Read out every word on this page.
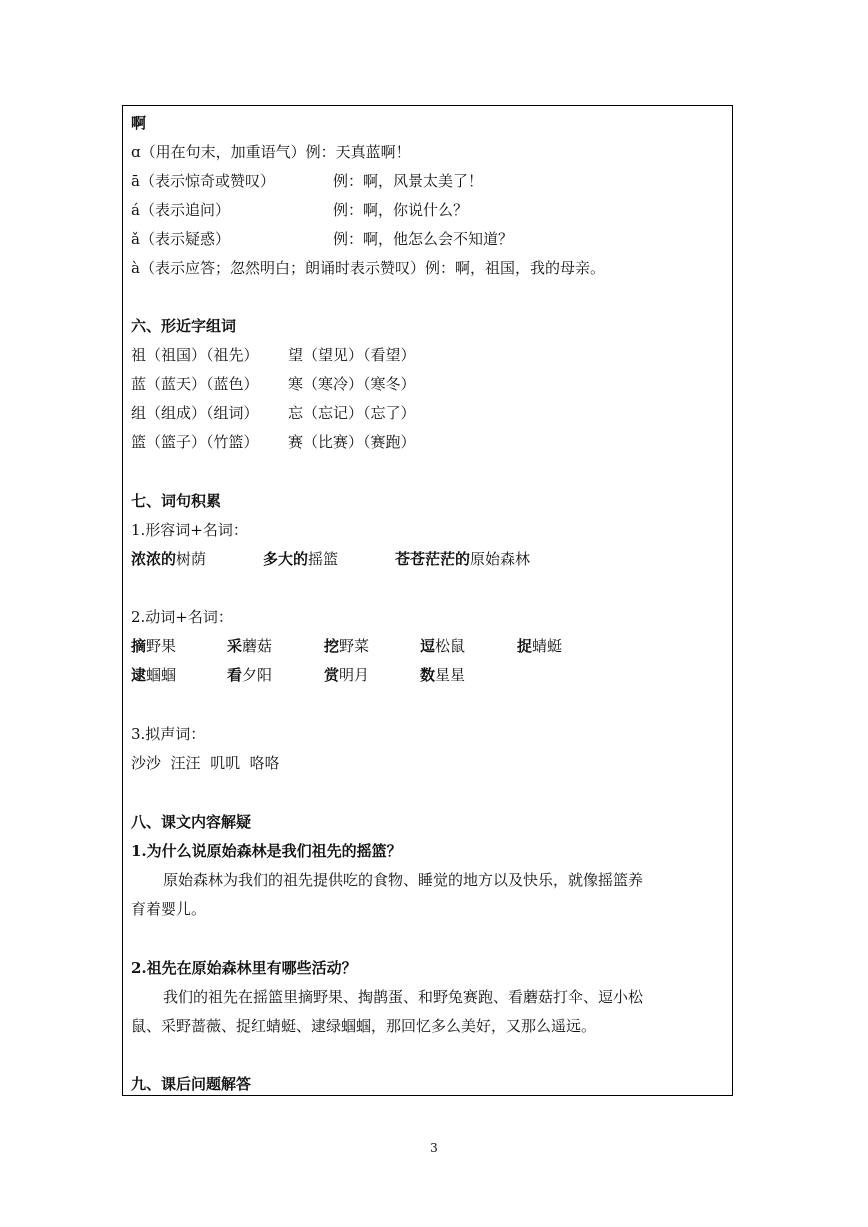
啊
ɑ（用在句末，加重语气）例：天真蓝啊！
ā（表示惊奇或赞叹）	例：啊，风景太美了！
á（表示追问）	例：啊，你说什么？
ǎ（表示疑惑）	例：啊，他怎么会不知道？
à（表示应答；忽然明白；朗诵时表示赞叹）例：啊，祖国，我的母亲。
六、形近字组词
祖（祖国）（祖先） 望（望见）（看望）
蓝（蓝天）（蓝色） 寒（寒冷）（寒冬）
组（组成）（组词） 忘（忘记）（忘了）
篮（篮子）（竹篮） 赛（比赛）（赛跑）
七、词句积累
1.形容词+名词：
浓浓的树荫	多大的摇篮	苍苍茫茫的原始森林
2.动词+名词：
摘野果	采蘑菇	挖野菜	逗松鼠	捉蜻蜓
逮蝈蝈	看夕阳	赏明月	数星星
3.拟声词：
沙沙  汪汪  叽叽  咯咯
八、课文内容解疑
1.为什么说原始森林是我们祖先的摇篮？
原始森林为我们的祖先提供吃的食物、睡觉的地方以及快乐，就像摇篮养
育着婴儿。
2.祖先在原始森林里有哪些活动？
我们的祖先在摇篮里摘野果、掏鹊蛋、和野兔赛跑、看蘑菇打伞、逗小松
鼠、采野蔷薇、捉红蜻蜓、逮绿蝈蝈，那回忆多么美好，又那么遥远。
九、课后问题解答
3
